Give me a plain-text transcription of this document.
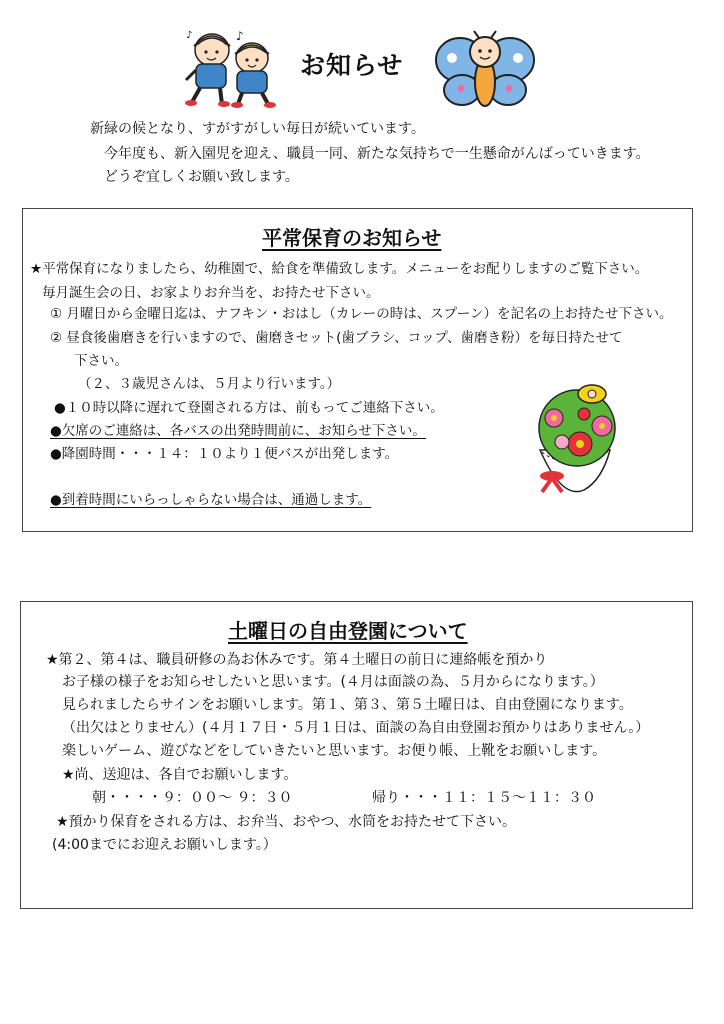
♪
♪
お知らせ
新緑の候となり、すがすがしい毎日が続いています。
今年度も、新入園児を迎え、職員一同、新たな気持ちで一生懸命がんばっていきます。
どうぞ宜しくお願い致します。
平常保育のお知らせ
★平常保育になりましたら、幼稚園で、給食を準備致します。メニューをお配りしますのご覧下さい。
毎月誕生会の日、お家よりお弁当を、お持たせ下さい。
① 月曜日から金曜日迄は、ナフキン・おはし（カレーの時は、スプーン）を記名の上お持たせ下さい。
② 昼食後歯磨きを行いますので、歯磨きセット(歯ブラシ、コップ、歯磨き粉）を毎日持たせて
下さい。
（２、３歳児さんは、５月より行います。）
●１０時以降に遅れて登園される方は、前もってご連絡下さい。
●欠席のご連絡は、各バスの出発時間前に、お知らせ下さい。
●降園時間・・・１４：１０より１便バスが出発します。
●到着時間にいらっしゃらない場合は、通過します。
土曜日の自由登園について
★第２、第４は、職員研修の為お休みです。第４土曜日の前日に連絡帳を預かり
お子様の様子をお知らせしたいと思います。(４月は面談の為、５月からになります。）
見られましたらサインをお願いします。第１、第３、第５土曜日は、自由登園になります。
（出欠はとりません）(４月１７日・５月１日は、面談の為自由登園お預かりはありません。）
楽しいゲーム、遊びなどをしていきたいと思います。お便り帳、上靴をお願いします。
★尚、送迎は、各自でお願いします。
朝・・・・９：００〜 ９：３０	帰り・・・１１：１５〜１１：３０
★預かり保育をされる方は、お弁当、おやつ、水筒をお持たせて下さい。
(4:00までにお迎えお願いします。）
